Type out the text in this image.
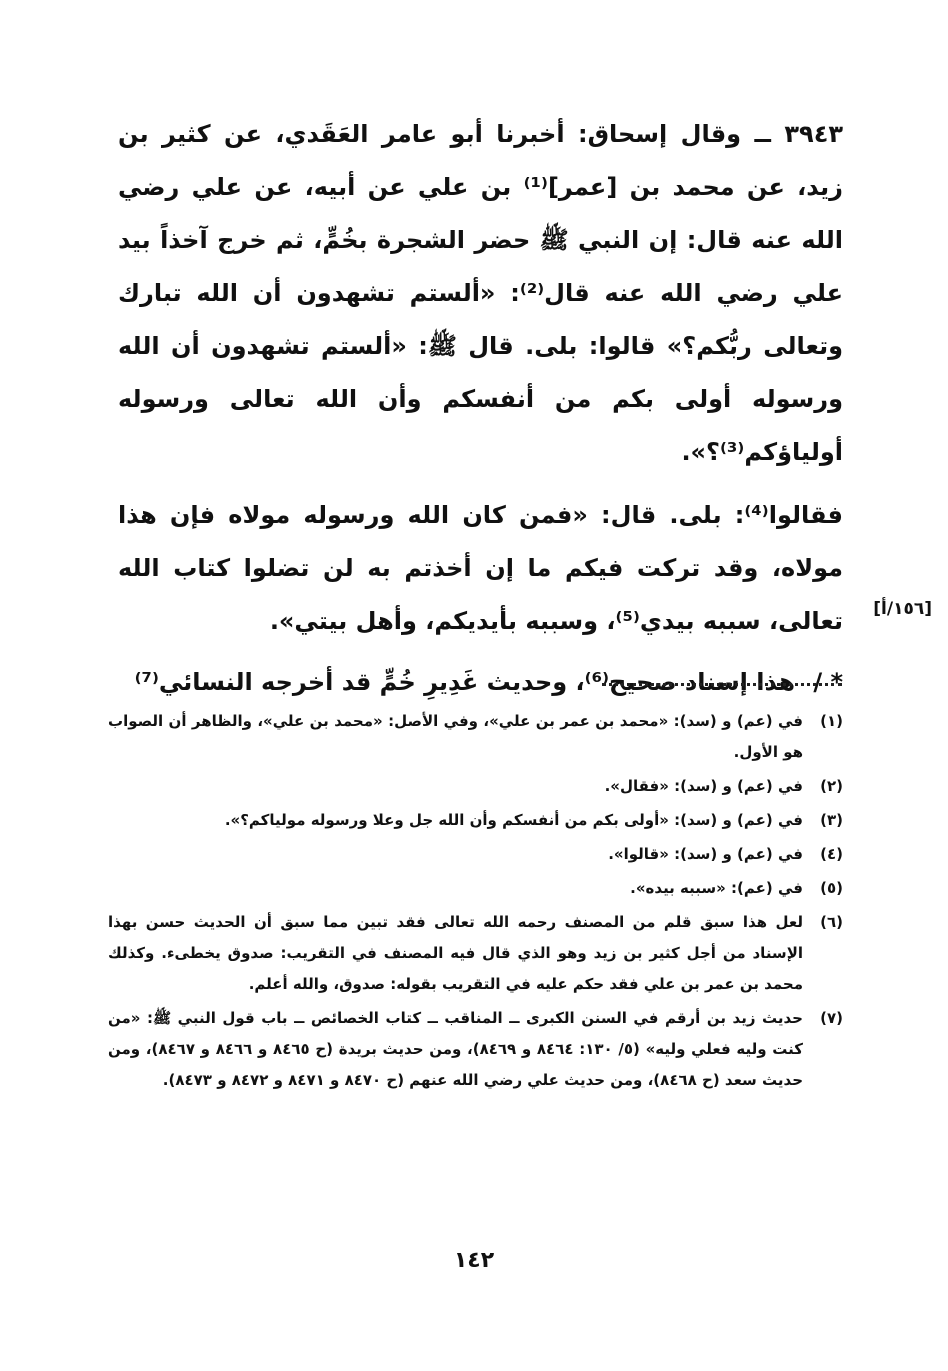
٣٩٤٣ ــ وقال إسحاق: أخبرنا أبو عامر العَقَدي، عن كثير بن زيد، عن محمد بن [عمر]⁽¹⁾ بن علي عن أبيه، عن علي رضي الله عنه قال: إن النبي ﷺ حضر الشجرة بخُمٍّ، ثم خرج آخذاً بيد علي رضي الله عنه قال⁽²⁾: «ألستم تشهدون أن الله تبارك وتعالى ربُّكم؟» قالوا: بلى. قال ﷺ: «ألستم تشهدون أن الله ورسوله أولى بكم من أنفسكم وأن الله تعالى ورسوله أولياؤكم⁽³⁾؟».

فقالوا⁽⁴⁾: بلى. قال: «فمن كان الله ورسوله مولاه فإن هذا مولاه، وقد تركت فيكم ما إن أخذتم به لن تضلوا كتاب الله تعالى، سببه بيدي⁽⁵⁾، وسببه بأيديكم، وأهل بيتي».

* / هذا إسناد صحيح⁽⁶⁾، وحديث غَدِيرِ خُمٍّ قد أخرجه النسائي⁽⁷⁾

[١٥٦/أ]
(١)
في (عم) و (سد): «محمد بن عمر بن علي»، وفي الأصل: «محمد بن علي»، والظاهر أن الصواب هو الأول.
(٢)
في (عم) و (سد): «فقال».
(٣)
في (عم) و (سد): «أولى بكم من أنفسكم وأن الله جل وعلا ورسوله مولياكم؟».
(٤)
في (عم) و (سد): «قالوا».
(٥)
في (عم): «سببه بيده».
(٦)
لعل هذا سبق قلم من المصنف رحمه الله تعالى فقد تبين مما سبق أن الحديث حسن بهذا الإسناد من أجل كثير بن زيد وهو الذي قال فيه المصنف في التقريب: صدوق يخطىء. وكذلك محمد بن عمر بن علي فقد حكم عليه في التقريب بقوله: صدوق، والله أعلم.
(٧)
حديث زيد بن أرقم في السنن الكبرى ــ المناقب ــ كتاب الخصائص ــ باب قول النبي ﷺ: «من كنت وليه فعلي وليه» (٥/ ١٣٠: ٨٤٦٤ و ٨٤٦٩)، ومن حديث بريدة (ح ٨٤٦٥ و ٨٤٦٦ و ٨٤٦٧)، ومن حديث سعد (ح ٨٤٦٨)، ومن حديث علي رضي الله عنهم (ح ٨٤٧٠ و ٨٤٧١ و ٨٤٧٢ و ٨٤٧٣).
١٤٢
